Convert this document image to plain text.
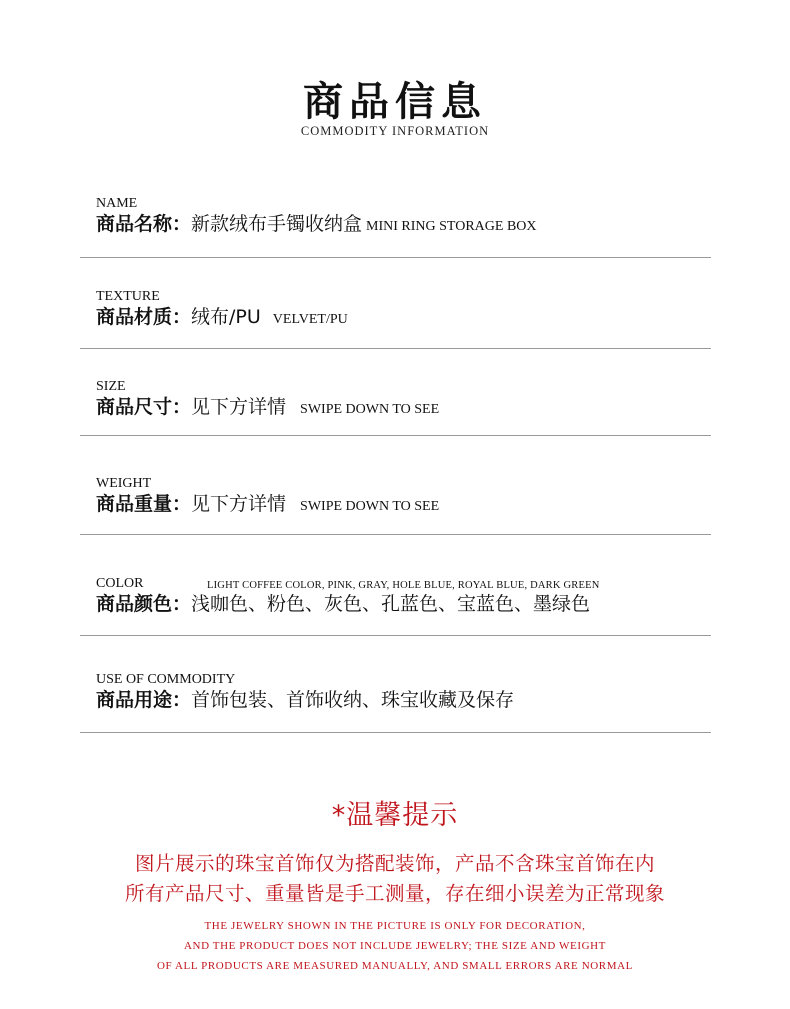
商品信息
COMMODITY INFORMATION
NAME
商品名称：新款绒布手镯收纳盒 MINI RING STORAGE BOX
TEXTURE
商品材质：绒布/PU VELVET/PU
SIZE
商品尺寸：见下方详情 SWIPE DOWN TO SEE
WEIGHT
商品重量：见下方详情 SWIPE DOWN TO SEE
COLOR	LIGHT COFFEE COLOR, PINK, GRAY, HOLE BLUE, ROYAL BLUE, DARK GREEN
商品颜色：浅咖色、粉色、灰色、孔蓝色、宝蓝色、墨绿色
USE OF COMMODITY
商品用途：首饰包装、首饰收纳、珠宝收藏及保存
*温馨提示
图片展示的珠宝首饰仅为搭配装饰，产品不含珠宝首饰在内
所有产品尺寸、重量皆是手工测量，存在细小误差为正常现象
THE JEWELRY SHOWN IN THE PICTURE IS ONLY FOR DECORATION,
AND THE PRODUCT DOES NOT INCLUDE JEWELRY; THE SIZE AND WEIGHT
OF ALL PRODUCTS ARE MEASURED MANUALLY, AND SMALL ERRORS ARE NORMAL
